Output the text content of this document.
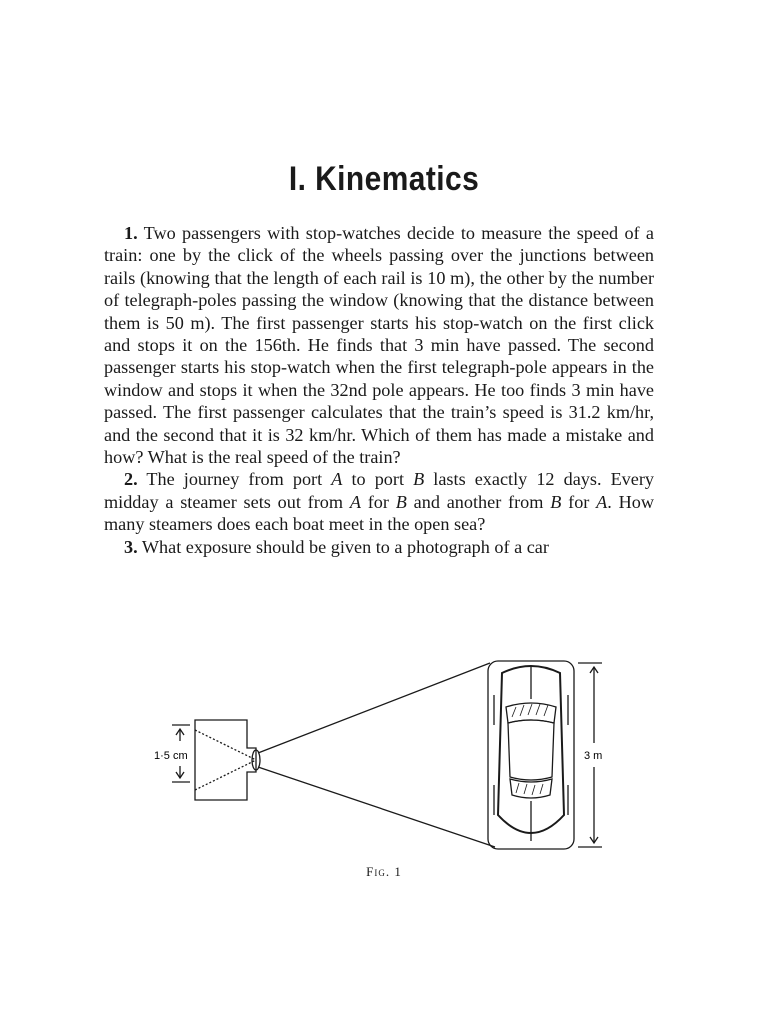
I. Kinematics

1. Two passengers with stop-watches decide to measure the speed of a train: one by the click of the wheels passing over the junctions between rails (knowing that the length of each rail is 10 m), the other by the number of telegraph-poles passing the window (knowing that the distance between them is 50 m). The first passenger starts his stop-watch on the first click and stops it on the 156th. He finds that 3 min have passed. The second passenger starts his stop-watch when the first telegraph-pole appears in the window and stops it when the 32nd pole appears. He too finds 3 min have passed. The first passenger calculates that the train’s speed is 31.2 km/hr, and the second that it is 32 km/hr. Which of them has made a mistake and how? What is the real speed of the train?

2. The journey from port A to port B lasts exactly 12 days. Every midday a steamer sets out from A for B and another from B for A. How many steamers does each boat meet in the open sea?

3. What exposure should be given to a photograph of a car

1·5 cm	3 m
Fig. 1
